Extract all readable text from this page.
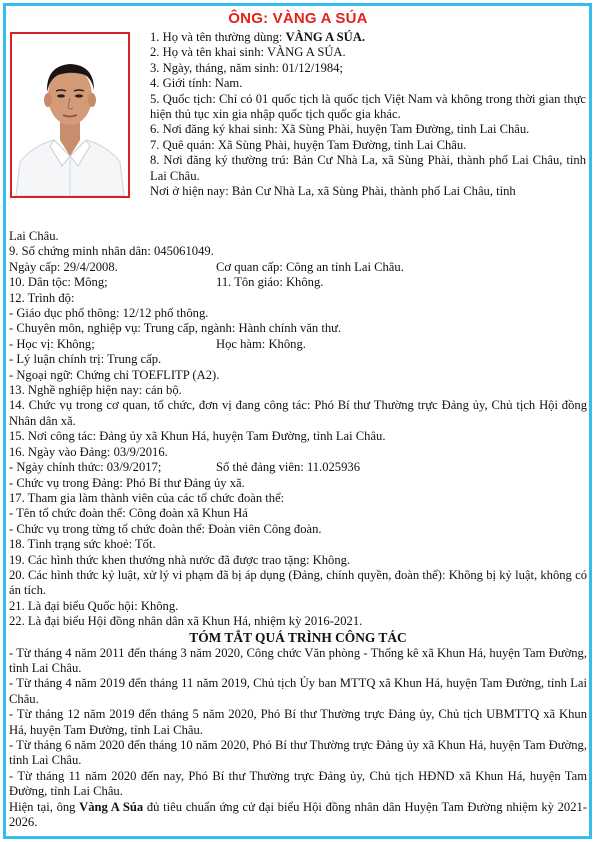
ÔNG: VÀNG A SÚA

1. Họ và tên thường dùng: VÀNG A SÚA.

2. Họ và tên khai sinh: VÀNG A SÚA.

3. Ngày, tháng, năm sinh: 01/12/1984;

4. Giới tính: Nam.

5. Quốc tịch: Chỉ có 01 quốc tịch là quốc tịch Việt Nam và không trong thời gian thực hiện thủ tục xin gia nhập quốc tịch quốc gia khác.

6. Nơi đăng ký khai sinh: Xã Sùng Phài, huyện Tam Đường, tỉnh Lai Châu.

7. Quê quán: Xã Sùng Phài, huyện Tam Đường, tỉnh Lai Châu.

8. Nơi đăng ký thường trú: Bản Cư Nhà La, xã Sùng Phài, thành phố Lai Châu, tỉnh Lai Châu.

Nơi ở hiện nay: Bản Cư Nhà La, xã Sùng Phài, thành phố Lai Châu, tỉnh

Lai Châu.

9. Số chứng minh nhân dân: 045061049.

Ngày cấp: 29/4/2008.	Cơ quan cấp: Công an tỉnh Lai Châu.
10. Dân tộc: Mông;	11. Tôn giáo: Không.

12. Trình độ:

- Giáo dục phổ thông: 12/12 phổ thông.

- Chuyên môn, nghiệp vụ: Trung cấp, ngành: Hành chính văn thư.

- Học vị: Không;	Học hàm: Không.

- Lý luận chính trị: Trung cấp.

- Ngoại ngữ: Chứng chỉ TOEFLITP (A2).

13. Nghề nghiệp hiện nay: cán bộ.

14. Chức vụ trong cơ quan, tổ chức, đơn vị đang công tác: Phó Bí thư Thường trực Đảng ủy, Chủ tịch Hội đồng Nhân dân xã.

15. Nơi công tác: Đảng ủy xã Khun Há, huyện Tam Đường, tỉnh Lai Châu.

16. Ngày vào Đảng: 03/9/2016.

- Ngày chính thức: 03/9/2017;	Số thẻ đảng viên: 11.025936

- Chức vụ trong Đảng: Phó Bí thư Đảng ủy xã.

17. Tham gia làm thành viên của các tổ chức đoàn thể:

- Tên tổ chức đoàn thể: Công đoàn xã Khun Há

- Chức vụ trong từng tổ chức đoàn thể: Đoàn viên Công đoàn.

18. Tình trạng sức khoẻ: Tốt.

19. Các hình thức khen thưởng nhà nước đã được trao tặng: Không.

20. Các hình thức kỷ luật, xử lý vi phạm đã bị áp dụng (Đảng, chính quyền, đoàn thể): Không bị kỷ luật, không có án tích.

21. Là đại biểu Quốc hội: Không.

22. Là đại biểu Hội đồng nhân dân xã Khun Há, nhiệm kỳ 2016-2021.

TÓM TẮT QUÁ TRÌNH CÔNG TÁC

- Từ tháng 4 năm 2011 đến tháng 3 năm 2020, Công chức Văn phòng - Thống kê xã Khun Há, huyện Tam Đường, tỉnh Lai Châu.

- Từ tháng 4 năm 2019 đến tháng 11 năm 2019, Chủ tịch Ủy ban MTTQ xã Khun Há, huyện Tam Đường, tỉnh Lai Châu.

- Từ tháng 12 năm 2019 đến tháng 5 năm 2020, Phó Bí thư Thường trực Đảng ủy, Chủ tịch UBMTTQ xã Khun Há, huyện Tam Đường, tỉnh Lai Châu.

- Từ tháng 6 năm 2020 đến tháng 10 năm 2020, Phó Bí thư Thường trực Đảng ủy xã Khun Há, huyện Tam Đường, tỉnh Lai Châu.

- Từ tháng 11 năm 2020 đến nay, Phó Bí thư Thường trực Đảng ủy, Chủ tịch HĐND xã Khun Há, huyện Tam Đường, tỉnh Lai Châu.

Hiện tại, ông Vàng A Súa đủ tiêu chuẩn ứng cử đại biểu Hội đồng nhân dân Huyện Tam Đường nhiệm kỳ 2021-2026.
